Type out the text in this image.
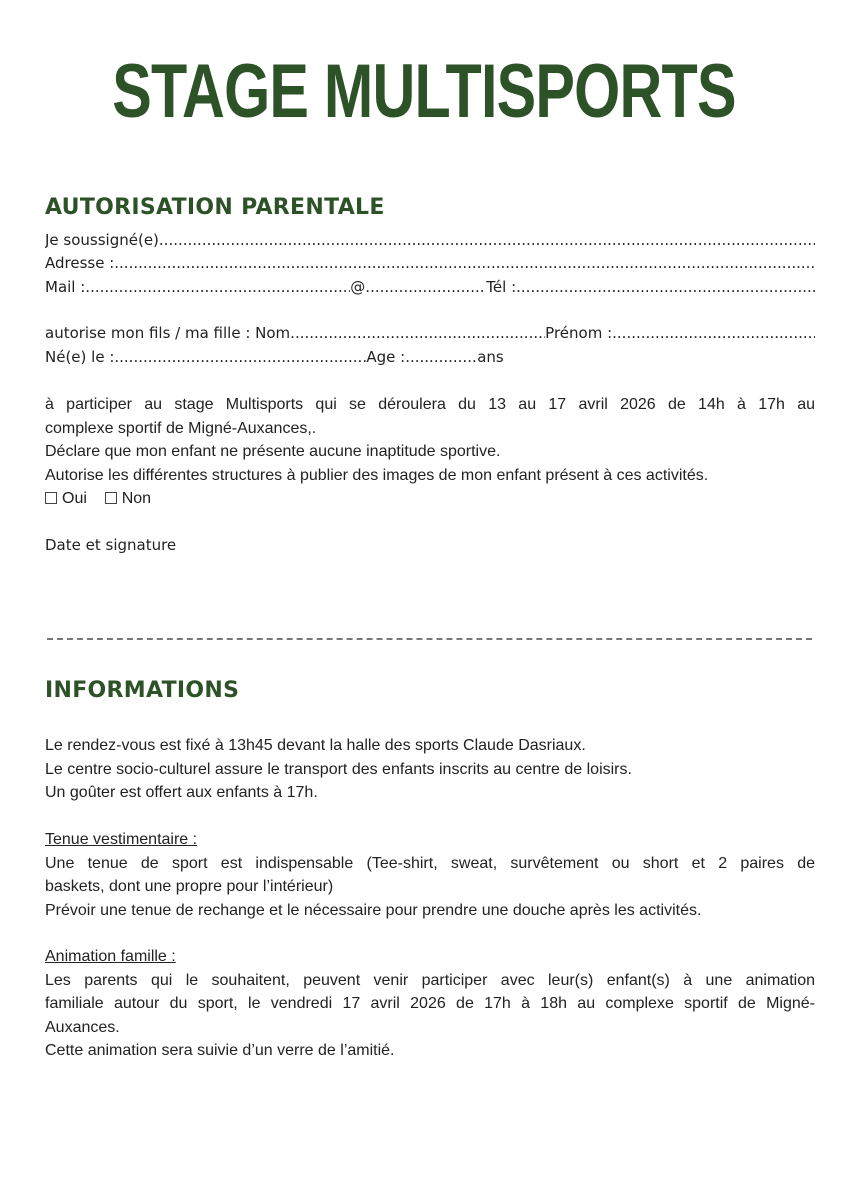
STAGE MULTISPORTS
AUTORISATION PARENTALE
Je soussigné(e)
.....
Adresse :
.....
Mail : .....	@ .....	Tél :
.....
autorise mon fils / ma fille : Nom .....	Prénom :
.....
Né(e) le : .....	Age : .....	ans

à participer au stage Multisports qui se déroulera du 13 au 17 avril 2026 de 14h à 17h au

complexe sportif de Migné-Auxances,.

Déclare que mon enfant ne présente aucune inaptitude sportive.

Autorise les différentes structures à publier des images de mon enfant présent à ces activités.

Oui Non

Date et signature
INFORMATIONS

Le rendez-vous est fixé à 13h45 devant la halle des sports Claude Dasriaux.

Le centre socio-culturel assure le transport des enfants inscrits au centre de loisirs.

Un goûter est offert aux enfants à 17h.

Tenue vestimentaire :

Une tenue de sport est indispensable (Tee-shirt, sweat, survêtement ou short et 2 paires de

baskets, dont une propre pour l’intérieur)

Prévoir une tenue de rechange et le nécessaire pour prendre une douche après les activités.

Animation famille :

Les parents qui le souhaitent, peuvent venir participer avec leur(s) enfant(s) à une animation

familiale autour du sport, le vendredi 17 avril 2026 de 17h à 18h au complexe sportif de Migné-

Auxances.

Cette animation sera suivie d’un verre de l’amitié.
